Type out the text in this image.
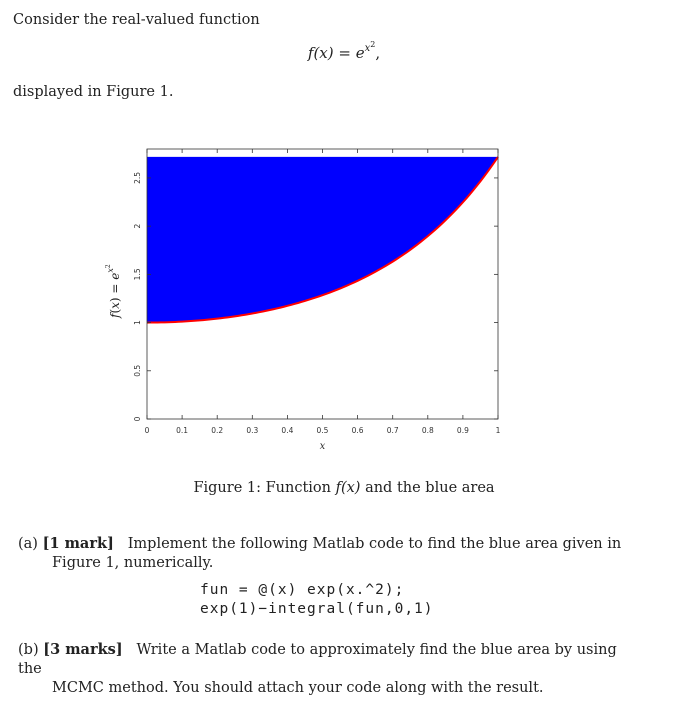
Consider the real-valued function
$f(x) = e^{x^2}$,
displayed in Figure 1.
0	0.1	0.2	0.3	0.4	0.5	0.6	0.7	0.8	0.9	1
0
0.5
1
1.5
2
2.5
x
$f(x) = e^{x^2}$
Figure 1: Function f(x) and the blue area
(a) [1 mark] Implement the following Matlab code to find the blue area given in
Figure 1, numerically.
fun = @(x) exp(x.^2);
exp(1)−integral(fun,0,1)
(b) [3 marks] Write a Matlab code to approximately find the blue area by using the
MCMC method. You should attach your code along with the result.
